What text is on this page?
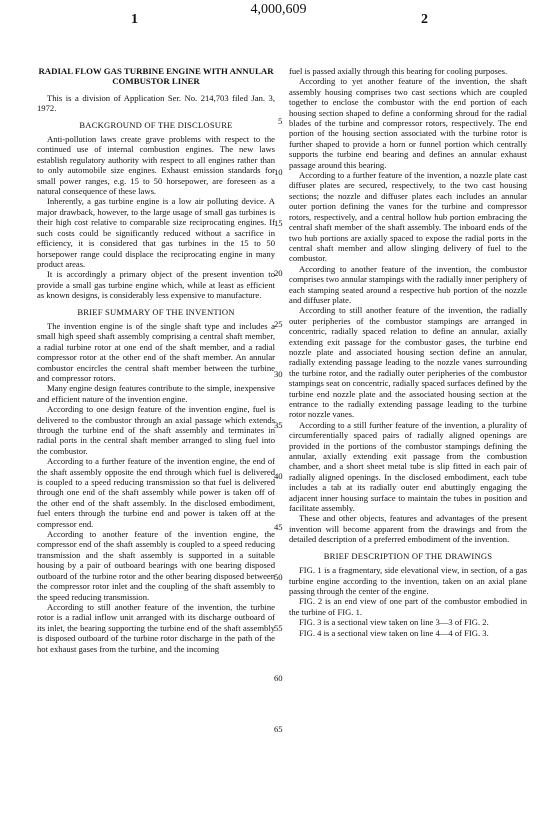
1
4,000,609
2
RADIAL FLOW GAS TURBINE ENGINE WITH ANNULAR COMBUSTOR LINER

This is a division of Application Ser. No. 214,703 filed Jan. 3, 1972.

BACKGROUND OF THE DISCLOSURE

Anti-pollution laws create grave problems with respect to the continued use of internal combustion engines. The new laws establish regulatory authority with respect to all engines rather than to only automobile size engines. Exhaust emission standards for small power ranges, e.g. 15 to 50 horsepower, are foreseen as a natural consequence of these laws.

Inherently, a gas turbine engine is a low air polluting device. A major drawback, however, to the large usage of small gas turbines is their high cost relative to comparable size reciprocating engines. If such costs could be significantly reduced without a sacrifice in efficiency, it is considered that gas turbines in the 15 to 50 horsepower range could displace the reciprocating engine in many product areas.

It is accordingly a primary object of the present invention to provide a small gas turbine engine which, while at least as efficient as known designs, is considerably less expensive to manufacture.

BRIEF SUMMARY OF THE INVENTION

The invention engine is of the single shaft type and includes a small high speed shaft assembly comprising a central shaft member, a radial turbine rotor at one end of the shaft member, and a radial compressor rotor at the other end of the shaft member. An annular combustor encircles the central shaft member between the turbine and compressor rotors.

Many engine design features contribute to the simple, inexpensive and efficient nature of the invention engine.

According to one design feature of the invention engine, fuel is delivered to the combustor through an axial passage which extends through the turbine end of the shaft assembly and terminates in radial ports in the central shaft member arranged to sling fuel into the combustor.

According to a further feature of the invention engine, the end of the shaft assembly opposite the end through which fuel is delivered is coupled to a speed reducing transmission so that fuel is delivered through one end of the shaft assembly while power is taken off of the other end of the shaft assembly. In the disclosed embodiment, fuel enters through the turbine end and power is taken off at the compressor end.

According to another feature of the invention engine, the compressor end of the shaft assembly is coupled to a speed reducing transmission and the shaft assembly is supported in a suitable housing by a pair of outboard bearings with one bearing disposed outboard of the turbine rotor and the other bearing disposed between the compressor rotor inlet and the coupling of the shaft assembly to the speed reducing transmission.

According to still another feature of the invention, the turbine rotor is a radial inflow unit arranged with its discharge outboard of its inlet, the bearing supporting the turbine end of the shaft assembly is disposed outboard of the turbine rotor discharge in the path of the hot exhaust gases from the turbine, and the incoming

fuel is passed axially through this bearing for cooling purposes.

According to yet another feature of the invention, the shaft assembly housing comprises two cast sections which are coupled together to enclose the combustor with the end portion of each housing section shaped to define a conforming shroud for the radial blades of the turbine and compressor rotors, respectively. The end portion of the housing section associated with the turbine rotor is further shaped to provide a horn or funnel portion which centrally supports the turbine end bearing and defines an annular exhaust passage around this bearing.

According to a further feature of the invention, a nozzle plate cast diffuser plates are secured, respectively, to the two cast housing sections; the nozzle and diffuser plates each includes an annular outer portion defining the vanes for the turbine and compressor rotors, respectively, and a central hollow hub portion embracing the central shaft member of the shaft assembly. The inboard ends of the two hub portions are axially spaced to expose the radial ports in the central shaft member and allow slinging delivery of fuel to the combustor.

According to another feature of the invention, the combustor comprises two annular stampings with the radially inner periphery of each stamping seated around a respective hub portion of the nozzle and diffuser plate.

According to still another feature of the invention, the radially outer peripheries of the combustor stampings are arranged in concentric, radially spaced relation to define an annular, axially extending exit passage for the combustor gases, the turbine end nozzle plate and associated housing section define an annular, radially extending passage leading to the nozzle vanes surrounding the turbine rotor, and the radially outer peripheries of the combustor stampings seat on concentric, radially spaced surfaces defined by the turbine end nozzle plate and the associated housing section at the entrance to the radially extending passage leading to the turbine rotor nozzle vanes.

According to a still further feature of the invention, a plurality of circumferentially spaced pairs of radially aligned openings are provided in the portions of the combustor stampings defining the annular, axially extending exit passage from the combustion chamber, and a short sheet metal tube is slip fitted in each pair of radially aligned openings. In the disclosed embodiment, each tube includes a tab at its radially outer end abuttingly engaging the adjacent inner housing surface to maintain the tubes in position and facilitate assembly.

These and other objects, features and advantages of the present invention will become apparent from the drawings and from the detailed description of a preferred embodiment of the invention.

BRIEF DESCRIPTION OF THE DRAWINGS

FIG. 1 is a fragmentary, side elevational view, in section, of a gas turbine engine according to the invention, taken on an axial plane passing through the center of the engine.

FIG. 2 is an end view of one part of the combustor embodied in the turbine of FIG. 1.

FIG. 3 is a sectional view taken on line 3—3 of FIG. 2.

FIG. 4 is a sectional view taken on line 4—4 of FIG. 3.

5
10
15
20
25
30
35
40
45
50
55
60
65
